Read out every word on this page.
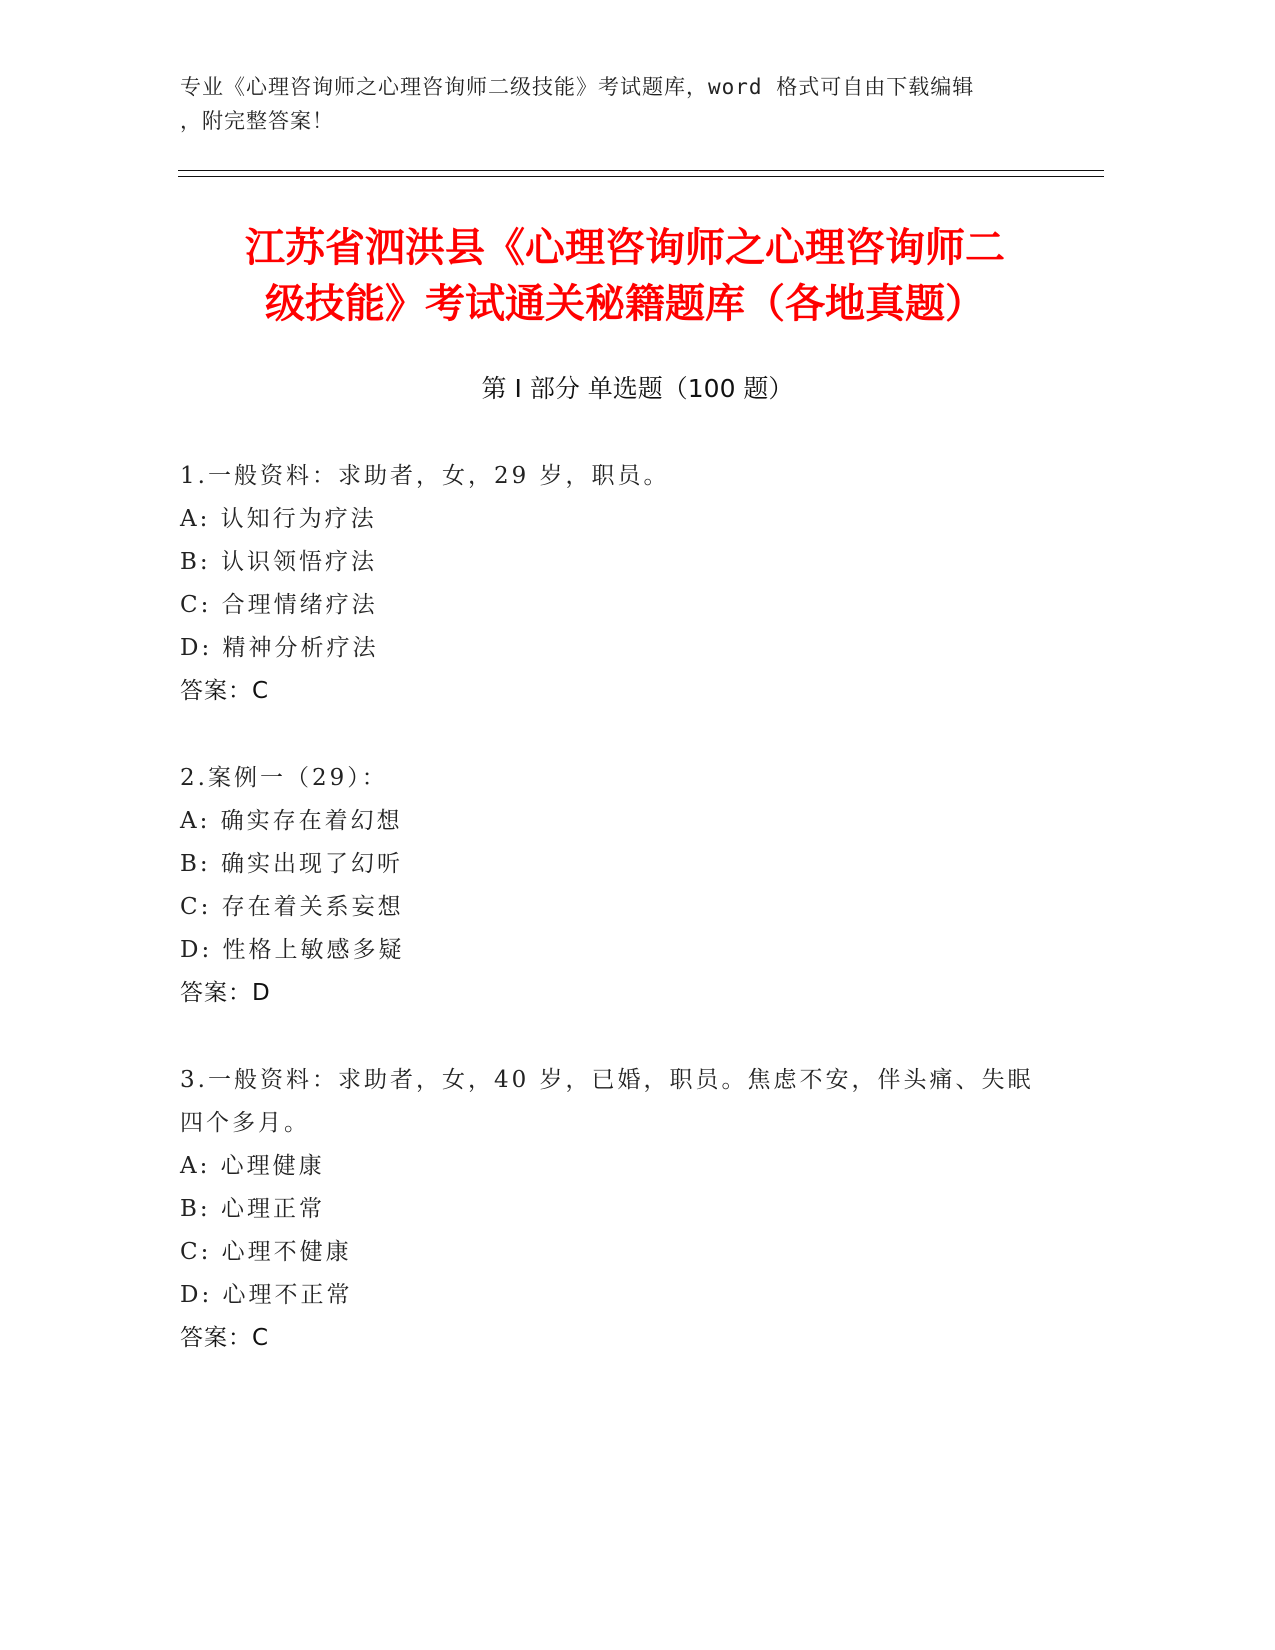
专业《心理咨询师之心理咨询师二级技能》考试题库，word 格式可自由下载编辑
，附完整答案！
江苏省泗洪县《心理咨询师之心理咨询师二
级技能》考试通关秘籍题库（各地真题）
第 I 部分 单选题（100 题）
1.一般资料：求助者，女，29 岁，职员。
A: 认知行为疗法
B: 认识领悟疗法
C: 合理情绪疗法
D: 精神分析疗法
答案：C
2.案例一（29）：
A: 确实存在着幻想
B: 确实出现了幻听
C: 存在着关系妄想
D: 性格上敏感多疑
答案：D
3.一般资料：求助者，女，40 岁，已婚，职员。焦虑不安，伴头痛、失眠四个多月。
A: 心理健康
B: 心理正常
C: 心理不健康
D: 心理不正常
答案：C
